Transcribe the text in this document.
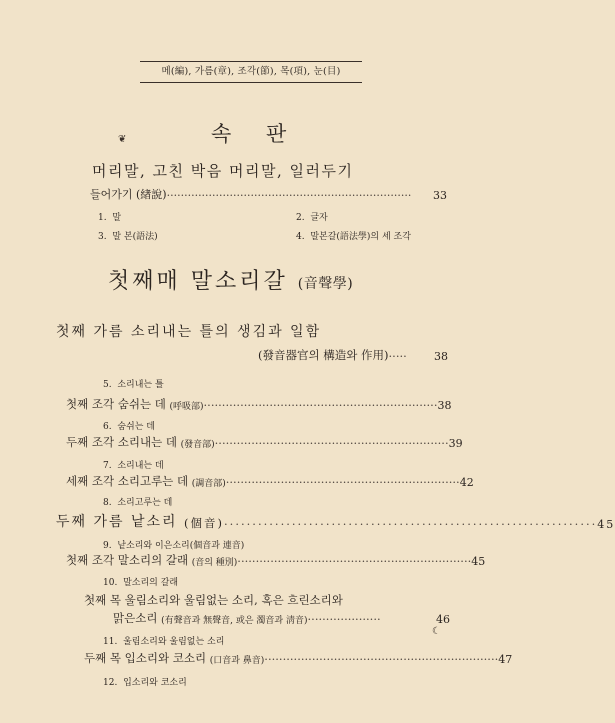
메(編), 가름(章), 조각(節), 목(項), 눈(目)
속 판
❦
머리말, 고친 박음 머리말, 일러두기
들어가기 (緖說) ······································································	33
1. 말	2. 글자
3. 말 본(語法)	4. 말본갈(語法學)의 세 조각
첫째매 말소리갈 (音聲學)
첫째 가름 소리내는 틀의 생김과 일함
(發音器官의 構造와 作用) ·····	38
5. 소리내는 틀
첫째 조각 숨쉬는 데
(呼吸部) ································································ 38
6. 숨쉬는 데
두째 조각 소리내는 데
(發音部) ································································ 39
7. 소리내는 데
세째 조각 소리고루는 데
(調音部) ································································ 42
8. 소리고루는 데
두째 가름 낱소리
(個音) ·································································· 45
9. 낱소리와 이은소리(個音과 連音)
첫째 조각 말소리의 갈래
(音의 種別) ································································ 45
10. 말소리의 갈래
첫째 목 울림소리와 울림없는 소리, 혹은 흐린소리와
맑은소리
(有聲音과 無聲音, 或은 濁音과 淸音) ····················	46
☾
11. 울림소리와 울림없는 소리
두째 목 입소리와 코소리
(口音과 鼻音) ································································ 47
12. 입소리와 코소리
